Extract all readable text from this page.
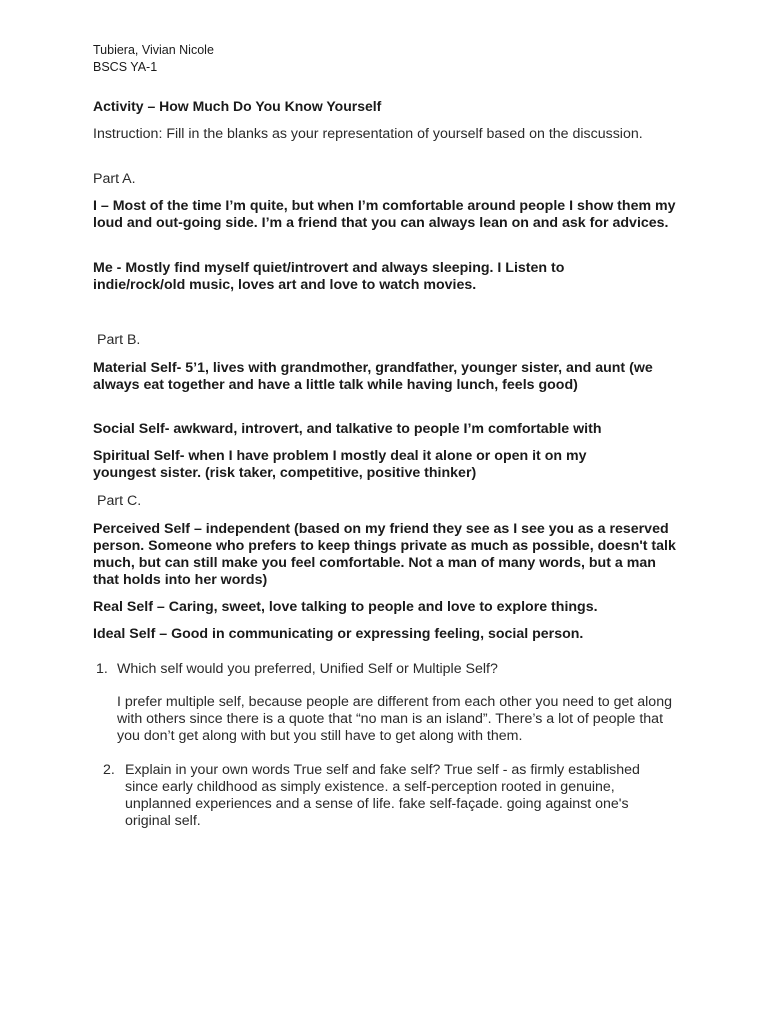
Tubiera, Vivian Nicole
BSCS YA-1
Activity – How Much Do You Know Yourself
Instruction: Fill in the blanks as your representation of yourself based on the discussion.
Part A.
I – Most of the time I’m quite, but when I’m comfortable around people I show them my loud and out-going side. I’m a friend that you can always lean on and ask for advices.
Me - Mostly find myself quiet/introvert and always sleeping. I Listen to indie/rock/old music, loves art and love to watch movies.
Part B.
Material Self- 5’1, lives with grandmother, grandfather, younger sister, and aunt (we always eat together and have a little talk while having lunch, feels good)
Social Self- awkward, introvert, and talkative to people I’m comfortable with
Spiritual Self- when I have problem I mostly deal it alone or open it on my youngest sister. (risk taker, competitive, positive thinker)
Part C.
Perceived Self – independent (based on my friend they see as I see you as a reserved person. Someone who prefers to keep things private as much as possible, doesn't talk much, but can still make you feel comfortable. Not a man of many words, but a man that holds into her words)
Real Self – Caring, sweet, love talking to people and love to explore things.
Ideal Self – Good in communicating or expressing feeling, social person.
1. Which self would you preferred, Unified Self or Multiple Self?
I prefer multiple self, because people are different from each other you need to get along with others since there is a quote that “no man is an island”. There’s a lot of people that you don’t get along with but you still have to get along with them.
2. Explain in your own words True self and fake self? True self - as firmly established since early childhood as simply existence. a self-perception rooted in genuine, unplanned experiences and a sense of life. fake self-façade. going against one's original self.
